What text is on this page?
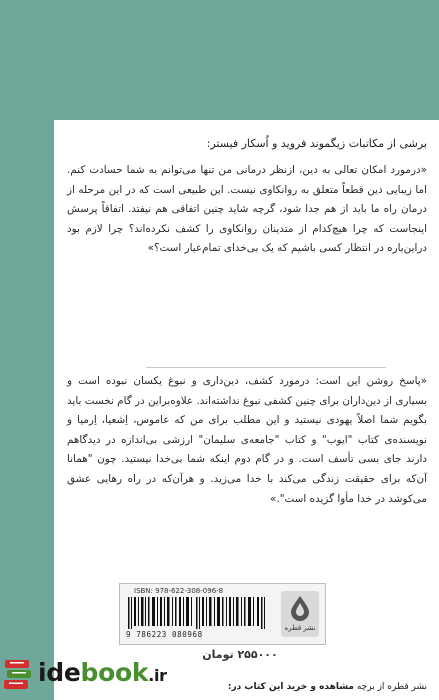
برشی از مکاتبات زیگموند فروید و اُسکار فیستر:

«درمورد امکان تعالی به دین، ازنظر درمانی من تنها می‌توانم به شما حسادت کنم. اما زیبایی دین قطعاً متعلق به روانکاوی نیست. این طبیعی است که در این مرحله از درمان راه ما باید از هم جدا شود، گرچه شاید چنین اتفاقی هم نیفتد. اتفاقاً پرسش اینجاست که چرا هیچ‌کدام از متدینان روانکاوی را کشف نکرده‌اند؟ چرا لازم بود دراین‌باره در انتظار کسی باشیم که یک بی‌خدای تمام‌عیار است؟»

«پاسخ روشن این است: درمورد کشف، دین‌داری و نبوغ یکسان نبوده است و بسیاری از دین‌داران برای چنین کشفی نبوغ نداشته‌اند. علاوه‌براین در گام نخست باید بگویم شما اصلاً یهودی نیستید و این مطلب برای من که عاموس، اِشعیا، اِرمیا و نویسنده‌ی کتاب "ایوب" و کتاب "جامعه‌ی سلیمان" ارزشی بی‌اندازه در دیدگاهم دارند جای بسی تأسف است. و در گام دوم اینکه شما بی‌خدا نیستید. چون "همانا آن‌که برای حقیقت زندگی می‌کند با خدا می‌زید. و هرآن‌که در راه رهایی عشق می‌کوشد در خدا مأوا گزیده است".»

ISBN: 978-622-308-096-8
9 786223 080968
نشر قطره
۲۵۵۰۰۰ تومان
نشر قطره از برچه مشاهده و خرید این کتاب در:
idebook.ir
